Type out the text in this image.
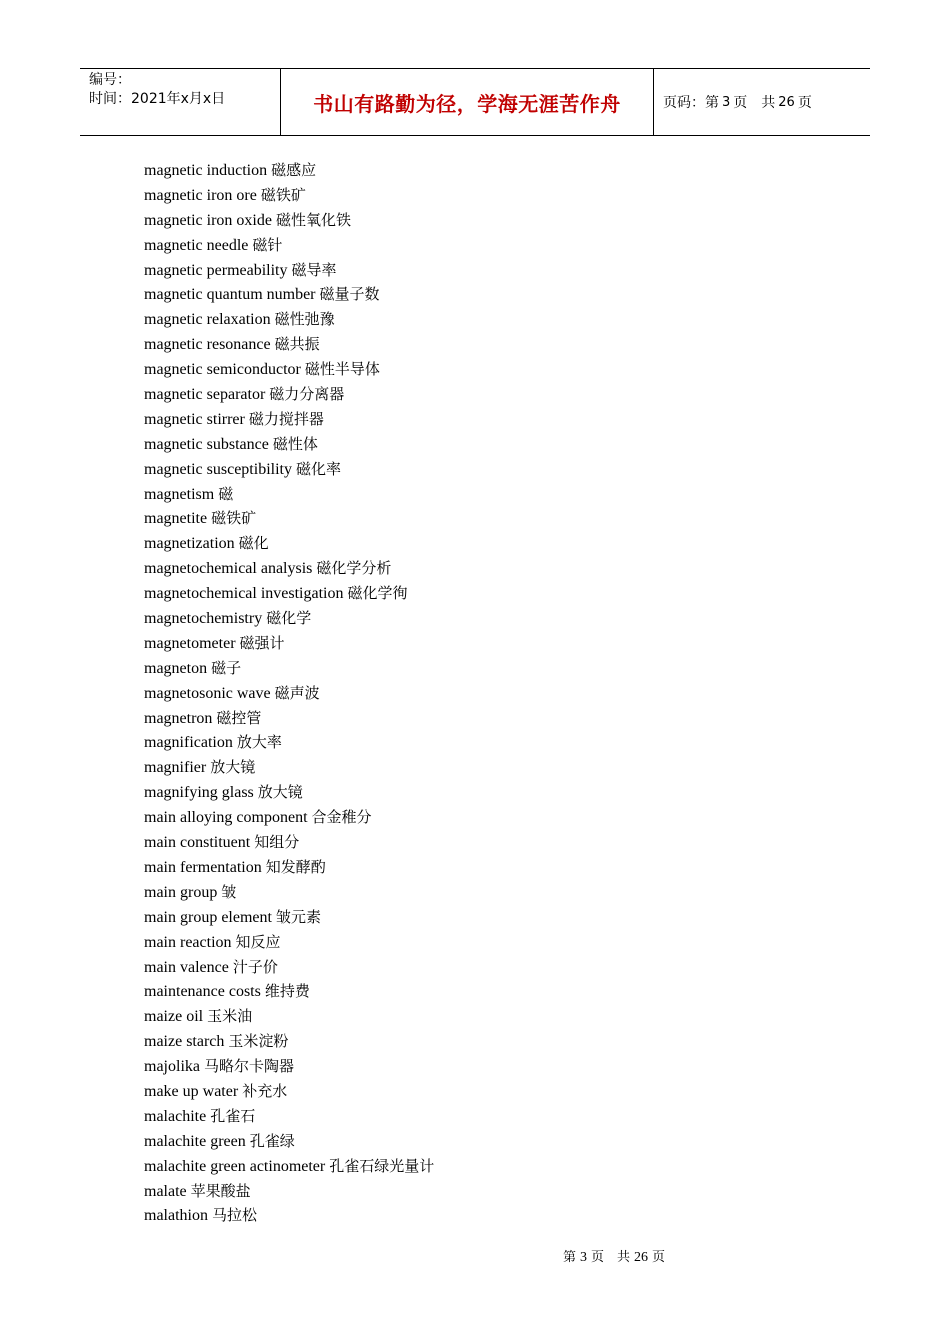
编号：
时间：2021年x月x日	书山有路勤为径，学海无涯苦作舟	页码：第 3 页　共 26 页
magnetic induction 磁感应
magnetic iron ore 磁铁矿
magnetic iron oxide 磁性氧化铁
magnetic needle 磁针
magnetic permeability 磁导率
magnetic quantum number 磁量子数
magnetic relaxation 磁性弛豫
magnetic resonance 磁共振
magnetic semiconductor 磁性半导体
magnetic separator 磁力分离器
magnetic stirrer 磁力搅拌器
magnetic substance 磁性体
magnetic susceptibility 磁化率
magnetism 磁
magnetite 磁铁矿
magnetization 磁化
magnetochemical analysis 磁化学分析
magnetochemical investigation 磁化学徇
magnetochemistry 磁化学
magnetometer 磁强计
magneton 磁子
magnetosonic wave 磁声波
magnetron 磁控管
magnification 放大率
magnifier 放大镜
magnifying glass 放大镜
main alloying component 合金稚分
main constituent 知组分
main fermentation 知发酵酌
main group 皱
main group element 皱元素
main reaction 知反应
main valence 汁子价
maintenance costs 维持费
maize oil 玉米油
maize starch 玉米淀粉
majolika 马略尔卡陶器
make up water 补充水
malachite 孔雀石
malachite green 孔雀绿
malachite green actinometer 孔雀石绿光量计
malate 苹果酸盐
malathion 马拉松
第 3 页　共 26 页
